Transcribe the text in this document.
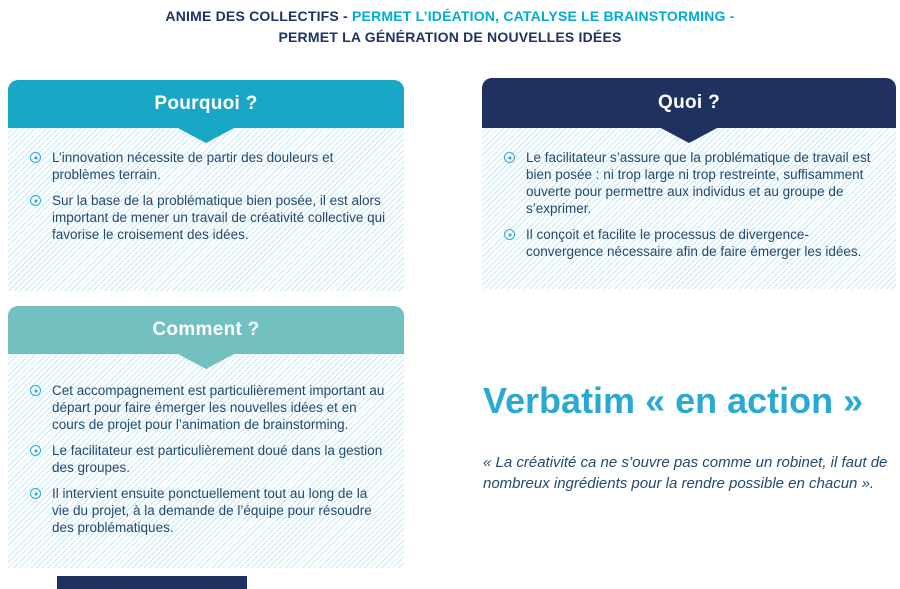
ANIME DES COLLECTIFS - PERMET L’IDÉATION, CATALYSE LE BRAINSTORMING -
PERMET LA GÉNÉRATION DE NOUVELLES IDÉES
Pourquoi ?
L’innovation nécessite de partir des douleurs et problèmes terrain.
Sur la base de la problématique bien posée, il est alors important de mener un travail de créativité collective qui favorise le croisement des idées.
Quoi ?
Le facilitateur s’assure que la problématique de travail est bien posée : ni trop large ni trop restreinte, suffisamment ouverte pour permettre aux individus et au groupe de s’exprimer.
Il conçoit et facilite le processus de divergence-convergence nécessaire afin de faire émerger les idées.
Comment ?
Cet accompagnement est particulièrement important au départ pour faire émerger les nouvelles idées et en cours de projet pour l’animation de brainstorming.
Le facilitateur est particulièrement doué dans la gestion des groupes.
Il intervient ensuite ponctuellement tout au long de la vie du projet, à la demande de l’équipe pour résoudre des problématiques.
Verbatim « en action »

« La créativité ca ne s’ouvre pas comme un robinet, il faut de nombreux ingrédients pour la rendre possible en chacun ».
